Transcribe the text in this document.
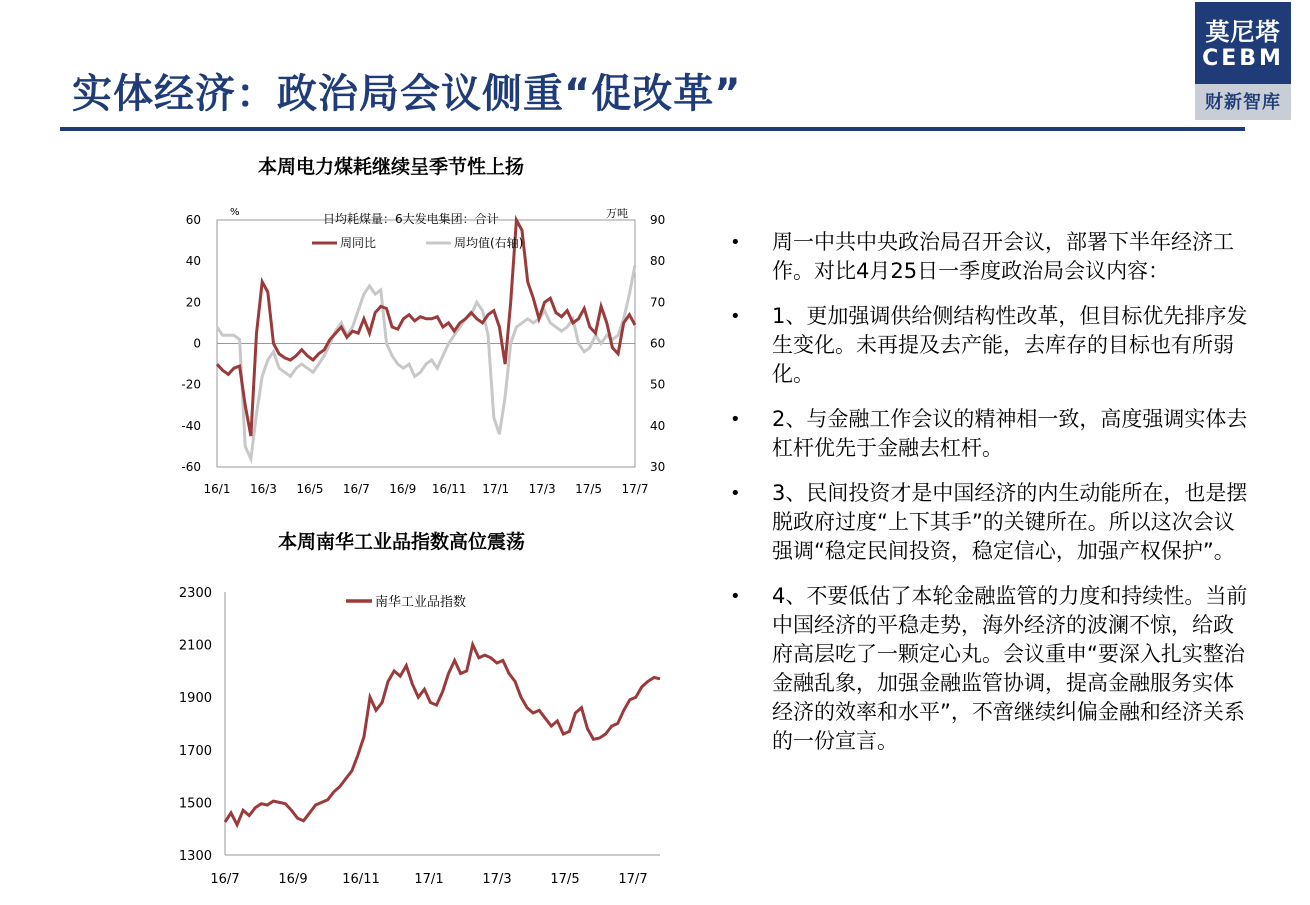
实体经济：政治局会议侧重“促改革”
莫尼塔
CEBM
财新智库
本周电力煤耗继续呈季节性上扬
60
40
20
0
-20
-40
-60
90
80
70
60
50
40
30
16/1 16/3 16/5 16/7 16/9 16/11 17/1 17/3 17/5 17/7
%	万吨
日均耗煤量：6大发电集团：合计
周同比	周均值(右轴)
本周南华工业品指数高位震荡
2300
2100
1900
1700
1500
1300
16/7	16/9	16/11	17/1	17/3	17/5	17/7
南华工业品指数
• 周一中共中央政治局召开会议，部署下半年经济工作。对比4月25日一季度政治局会议内容：
• 1、更加强调供给侧结构性改革，但目标优先排序发生变化。未再提及去产能，去库存的目标也有所弱化。
• 2、与金融工作会议的精神相一致，高度强调实体去杠杆优先于金融去杠杆。
• 3、民间投资才是中国经济的内生动能所在，也是摆脱政府过度“上下其手”的关键所在。所以这次会议强调“稳定民间投资，稳定信心，加强产权保护”。
• 4、不要低估了本轮金融监管的力度和持续性。当前中国经济的平稳走势，海外经济的波澜不惊，给政府高层吃了一颗定心丸。会议重申“要深入扎实整治金融乱象，加强金融监管协调，提高金融服务实体经济的效率和水平”，不啻继续纠偏金融和经济关系的一份宣言。
